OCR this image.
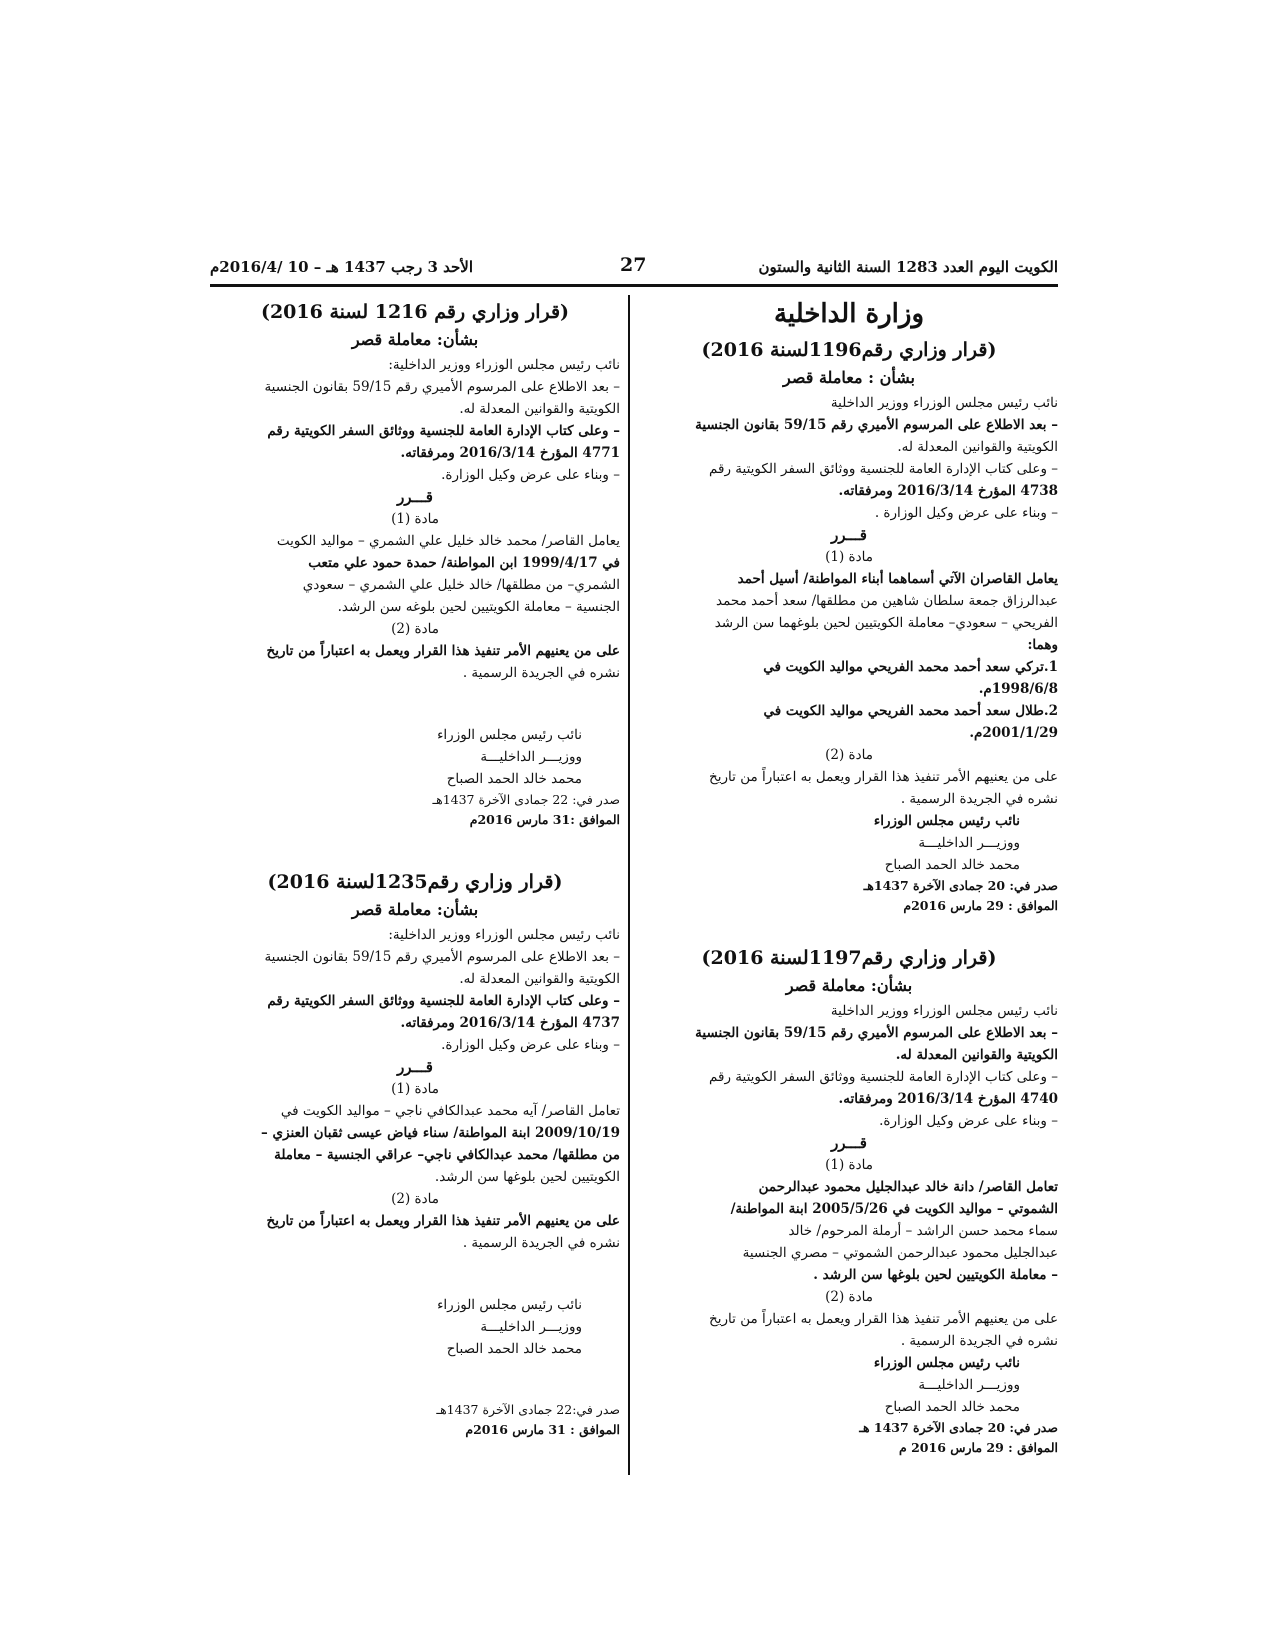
الكويت اليوم العدد 1283 السنة الثانية والستون
27
الأحد 3 رجب 1437 هـ – 10 /2016/4م
وزارة الداخلية
(قرار وزاري رقم1196لسنة 2016)
بشأن : معاملة قصر

نائب رئيس مجلس الوزراء ووزير الداخلية

– بعد الاطلاع على المرسوم الأميري رقم 59/15 بقانون الجنسية

الكويتية والقوانين المعدلة له.

– وعلى كتاب الإدارة العامة للجنسية ووثائق السفر الكويتية رقم

4738 المؤرخ 2016/3/14 ومرفقاته.

– وبناء على عرض وكيل الوزارة .

قـــرر
مادة (1)

يعامل القاصران الآتي أسماهما أبناء المواطنة/ أسيل أحمد

عبدالرزاق جمعة سلطان شاهين من مطلقها/ سعد أحمد محمد

الفريحي – سعودي– معاملة الكويتيين لحين بلوغهما سن الرشد

وهما:

1.تركي سعد أحمد محمد الفريحي مواليد الكويت في

1998/6/8م.

2.طلال سعد أحمد محمد الفريحي مواليد الكويت في

2001/1/29م.

مادة (2)

على من يعنيهم الأمر تنفيذ هذا القرار ويعمل به اعتباراً من تاريخ

نشره في الجريدة الرسمية .

نائب رئيس مجلس الوزراء

ووزيـــر الداخليـــة

محمد خالد الحمد الصباح

صدر في: 20 جمادى الآخرة 1437هـ

الموافق : 29 مارس 2016م

(قرار وزاري رقم1197لسنة 2016)
بشأن: معاملة قصر

نائب رئيس مجلس الوزراء ووزير الداخلية

– بعد الاطلاع على المرسوم الأميري رقم 59/15 بقانون الجنسية

الكويتية والقوانين المعدلة له.

– وعلى كتاب الإدارة العامة للجنسية ووثائق السفر الكويتية رقم

4740 المؤرخ 2016/3/14 ومرفقاته.

– وبناء على عرض وكيل الوزارة.

قـــرر
مادة (1)

تعامل القاصر/ دانة خالد عبدالجليل محمود عبدالرحمن

الشموتي – مواليد الكويت في 2005/5/26 ابنة المواطنة/

سماء محمد حسن الراشد – أرملة المرحوم/ خالد

عبدالجليل محمود عبدالرحمن الشموتي – مصري الجنسية

– معاملة الكويتيين لحين بلوغها سن الرشد .

مادة (2)

على من يعنيهم الأمر تنفيذ هذا القرار ويعمل به اعتباراً من تاريخ

نشره في الجريدة الرسمية .

نائب رئيس مجلس الوزراء

ووزيـــر الداخليـــة

محمد خالد الحمد الصباح

صدر في: 20 جمادى الآخرة 1437 هـ

الموافق : 29 مارس 2016 م

(قرار وزاري رقم 1216 لسنة 2016)
بشأن: معاملة قصر

نائب رئيس مجلس الوزراء ووزير الداخلية:

– بعد الاطلاع على المرسوم الأميري رقم 59/15 بقانون الجنسية

الكويتية والقوانين المعدلة له.

– وعلى كتاب الإدارة العامة للجنسية ووثائق السفر الكويتية رقم

4771 المؤرخ 2016/3/14 ومرفقاته.

– وبناء على عرض وكيل الوزارة.

قـــرر
مادة (1)

يعامل القاصر/ محمد خالد خليل علي الشمري – مواليد الكويت

في 1999/4/17 ابن المواطنة/ حمدة حمود علي متعب

الشمري– من مطلقها/ خالد خليل علي الشمري – سعودي

الجنسية – معاملة الكويتيين لحين بلوغه سن الرشد.

مادة (2)

على من يعنيهم الأمر تنفيذ هذا القرار ويعمل به اعتباراً من تاريخ

نشره في الجريدة الرسمية .

نائب رئيس مجلس الوزراء

ووزيـــر الداخليـــة

محمد خالد الحمد الصباح

صدر في: 22 جمادى الآخرة 1437هـ

الموافق :31 مارس 2016م

(قرار وزاري رقم1235لسنة 2016)
بشأن: معاملة قصر

نائب رئيس مجلس الوزراء ووزير الداخلية:

– بعد الاطلاع على المرسوم الأميري رقم 59/15 بقانون الجنسية

الكويتية والقوانين المعدلة له.

– وعلى كتاب الإدارة العامة للجنسية ووثائق السفر الكويتية رقم

4737 المؤرخ 2016/3/14 ومرفقاته.

– وبناء على عرض وكيل الوزارة.

قـــرر
مادة (1)

تعامل القاصر/ آيه محمد عبدالكافي ناجي – مواليد الكويت في

2009/10/19 ابنة المواطنة/ سناء فياض عيسى ثقبان العنزي –

من مطلقها/ محمد عبدالكافي ناجي– عراقي الجنسية – معاملة

الكويتيين لحين بلوغها سن الرشد.

مادة (2)

على من يعنيهم الأمر تنفيذ هذا القرار ويعمل به اعتباراً من تاريخ

نشره في الجريدة الرسمية .

نائب رئيس مجلس الوزراء

ووزيـــر الداخليـــة

محمد خالد الحمد الصباح

صدر في:22 جمادى الآخرة 1437هـ

الموافق : 31 مارس 2016م
